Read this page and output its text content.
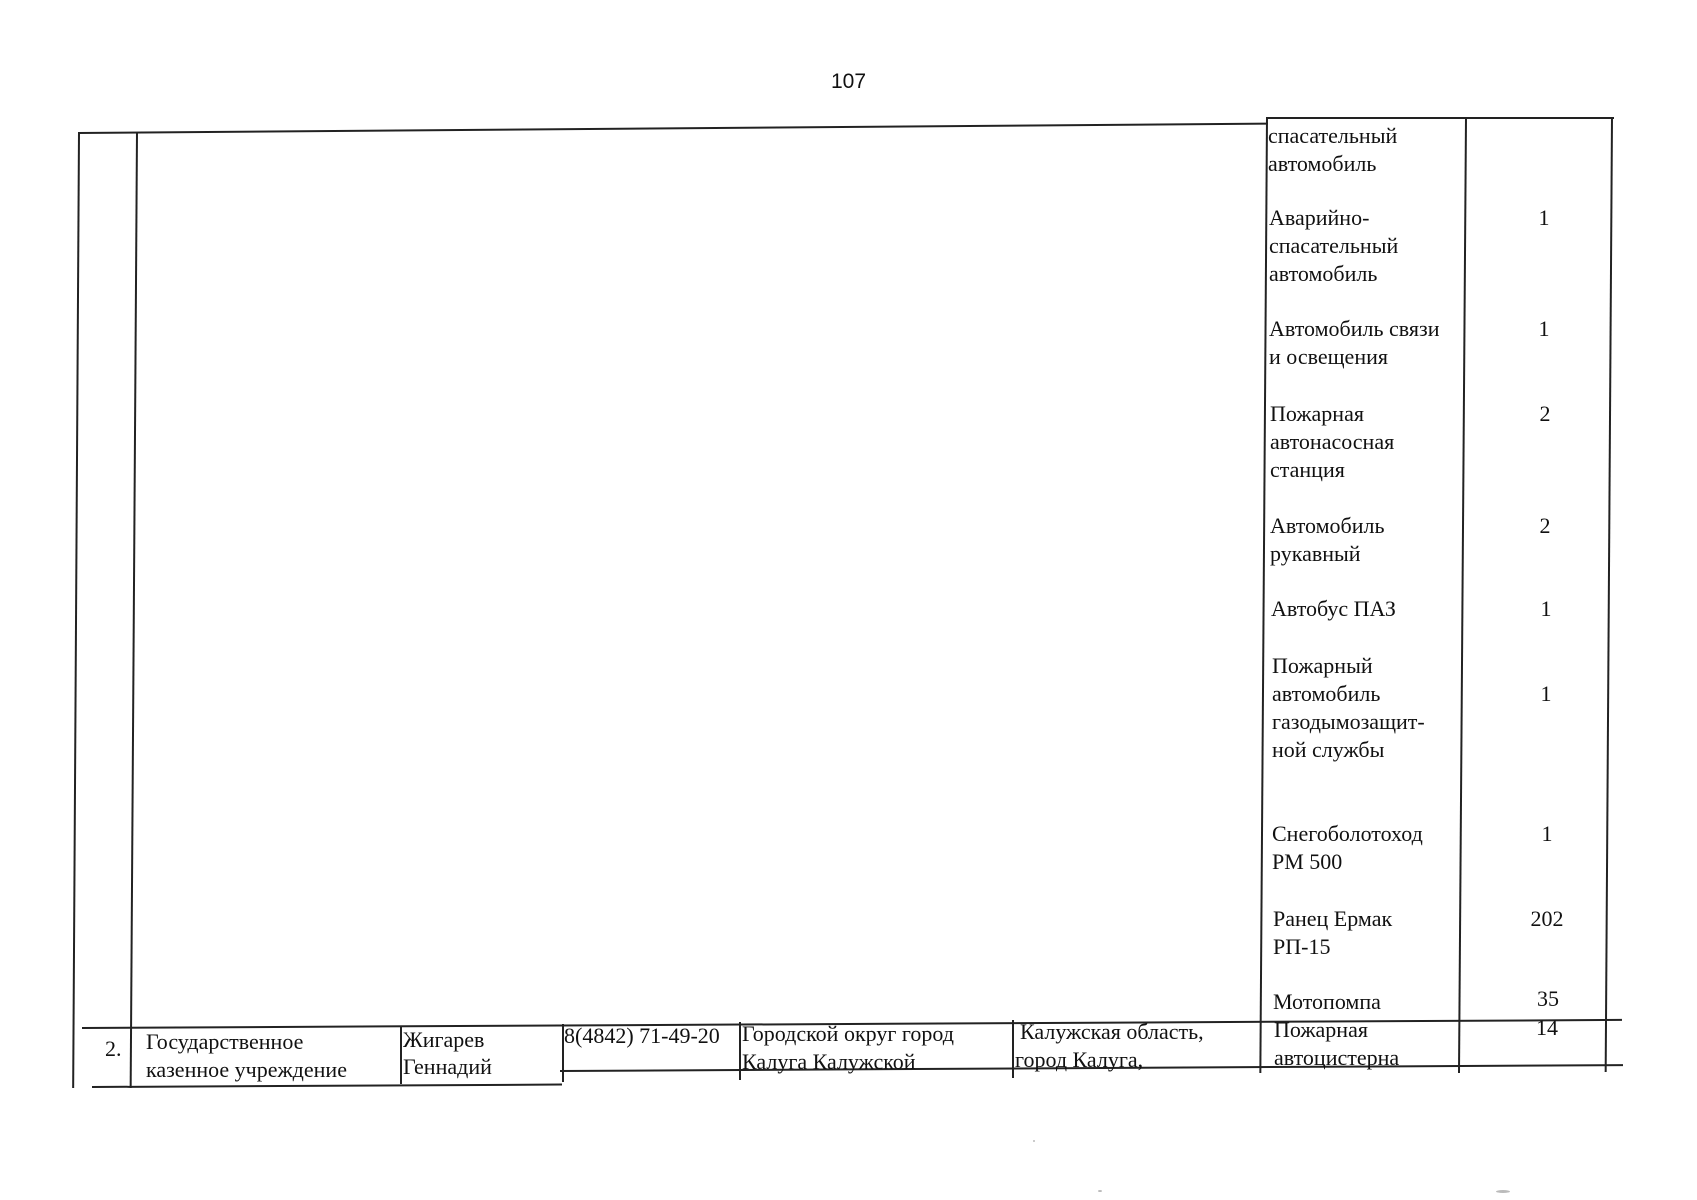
107
спасательный
автомобиль
Аварийно-
спасательный
автомобиль
1
Автомобиль связи
и освещения
1
Пожарная
автонасосная
станция
2
Автомобиль
рукавный
2
Автобус ПАЗ	1
Пожарный
автомобиль
газодымозащит-
ной службы
1
Снегоболотоход
РМ 500
1
Ранец Ермак
РП-15
202
Мотопомпа	35
2. Государственное
казенное учреждение
Жигарев
Геннадий
8(4842) 71-49-20 Городской округ город
Калуга Калужской
Калужская область,
город Калуга,
Пожарная
автоцистерна
14
